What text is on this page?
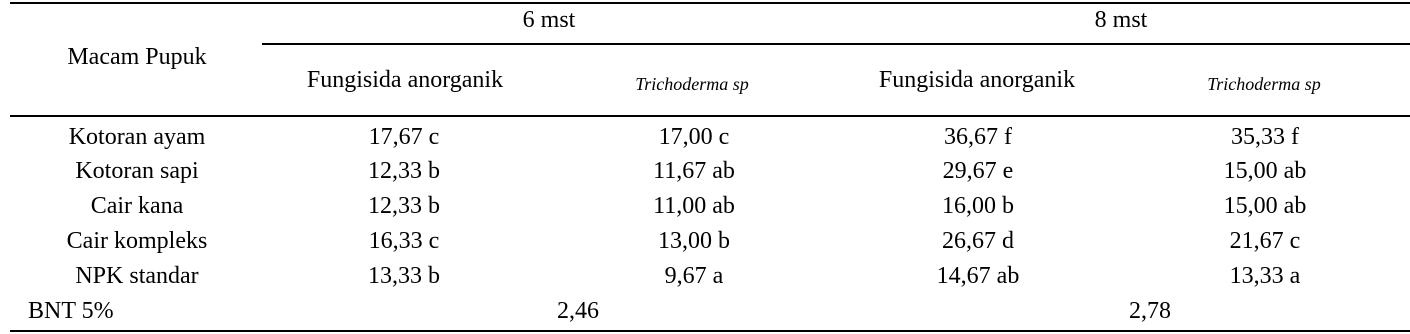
Macam Pupuk
6 mst	8 mst
Fungisida anorganik	Trichoderma sp	Fungisida anorganik	Trichoderma sp
Kotoran ayam	17,67 c	17,00 c	36,67 f	35,33 f
Kotoran sapi	12,33 b	11,67 ab	29,67 e	15,00 ab
Cair kana	12,33 b	11,00 ab	16,00 b	15,00 ab
Cair kompleks	16,33 c	13,00 b	26,67 d	21,67 c
NPK standar	13,33 b	9,67 a	14,67 ab	13,33 a
BNT 5%	2,46	2,78
